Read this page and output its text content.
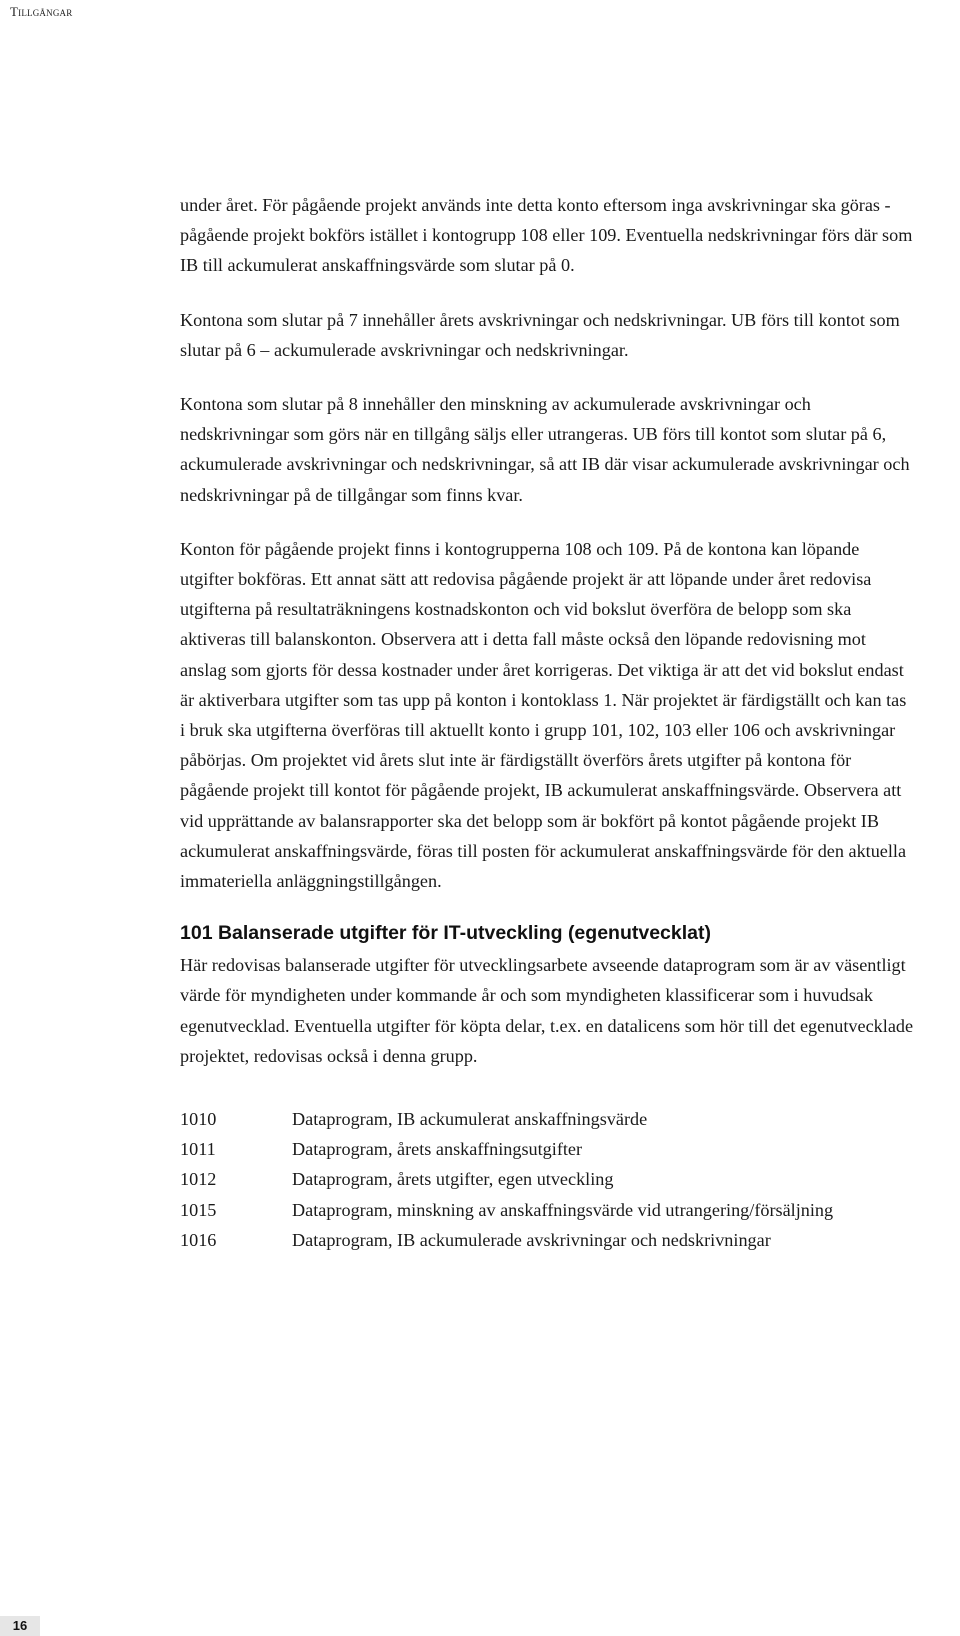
Tillgångar

under året. För pågående projekt används inte detta konto eftersom inga avskrivningar ska göras - pågående projekt bokförs istället i kontogrupp 108 eller 109. Eventuella nedskrivningar förs där som IB till ackumulerat anskaffningsvärde som slutar på 0.

Kontona som slutar på 7 innehåller årets avskrivningar och nedskrivningar. UB förs till kontot som slutar på 6 – ackumulerade avskrivningar och nedskrivningar.

Kontona som slutar på 8 innehåller den minskning av ackumulerade avskrivningar och nedskrivningar som görs när en tillgång säljs eller utrangeras. UB förs till kontot som slutar på 6, ackumulerade avskrivningar och nedskrivningar, så att IB där visar ackumulerade avskrivningar och nedskrivningar på de tillgångar som finns kvar.

Konton för pågående projekt finns i kontogrupperna 108 och 109. På de kontona kan löpande utgifter bokföras. Ett annat sätt att redovisa pågående projekt är att löpande under året redovisa utgifterna på resultaträkningens kostnadskonton och vid bokslut överföra de belopp som ska aktiveras till balanskonton. Observera att i detta fall måste också den löpande redovisning mot anslag som gjorts för dessa kostnader under året korrigeras. Det viktiga är att det vid bokslut endast är aktiverbara utgifter som tas upp på konton i kontoklass 1. När projektet är färdigställt och kan tas i bruk ska utgifterna överföras till aktuellt konto i grupp 101, 102, 103 eller 106 och avskrivningar påbörjas. Om projektet vid årets slut inte är färdigställt överförs årets utgifter på kontona för pågående projekt till kontot för pågående projekt, IB ackumulerat anskaffningsvärde. Observera att vid upprättande av balansrapporter ska det belopp som är bokfört på kontot pågående projekt IB ackumulerat anskaffningsvärde, föras till posten för ackumulerat anskaffningsvärde för den aktuella immateriella anläggningstillgången.

101 Balanserade utgifter för IT-utveckling (egenutvecklat)

Här redovisas balanserade utgifter för utvecklingsarbete avseende dataprogram som är av väsentligt värde för myndigheten under kommande år och som myndigheten klassificerar som i huvudsak egenutvecklad. Eventuella utgifter för köpta delar, t.ex. en datalicens som hör till det egenutvecklade projektet, redovisas också i denna grupp.

1010	Dataprogram, IB ackumulerat anskaffningsvärde
1011	Dataprogram, årets anskaffningsutgifter
1012	Dataprogram, årets utgifter, egen utveckling
1015	Dataprogram, minskning av anskaffningsvärde vid utrangering/försäljning
1016	Dataprogram, IB ackumulerade avskrivningar och nedskrivningar
16
